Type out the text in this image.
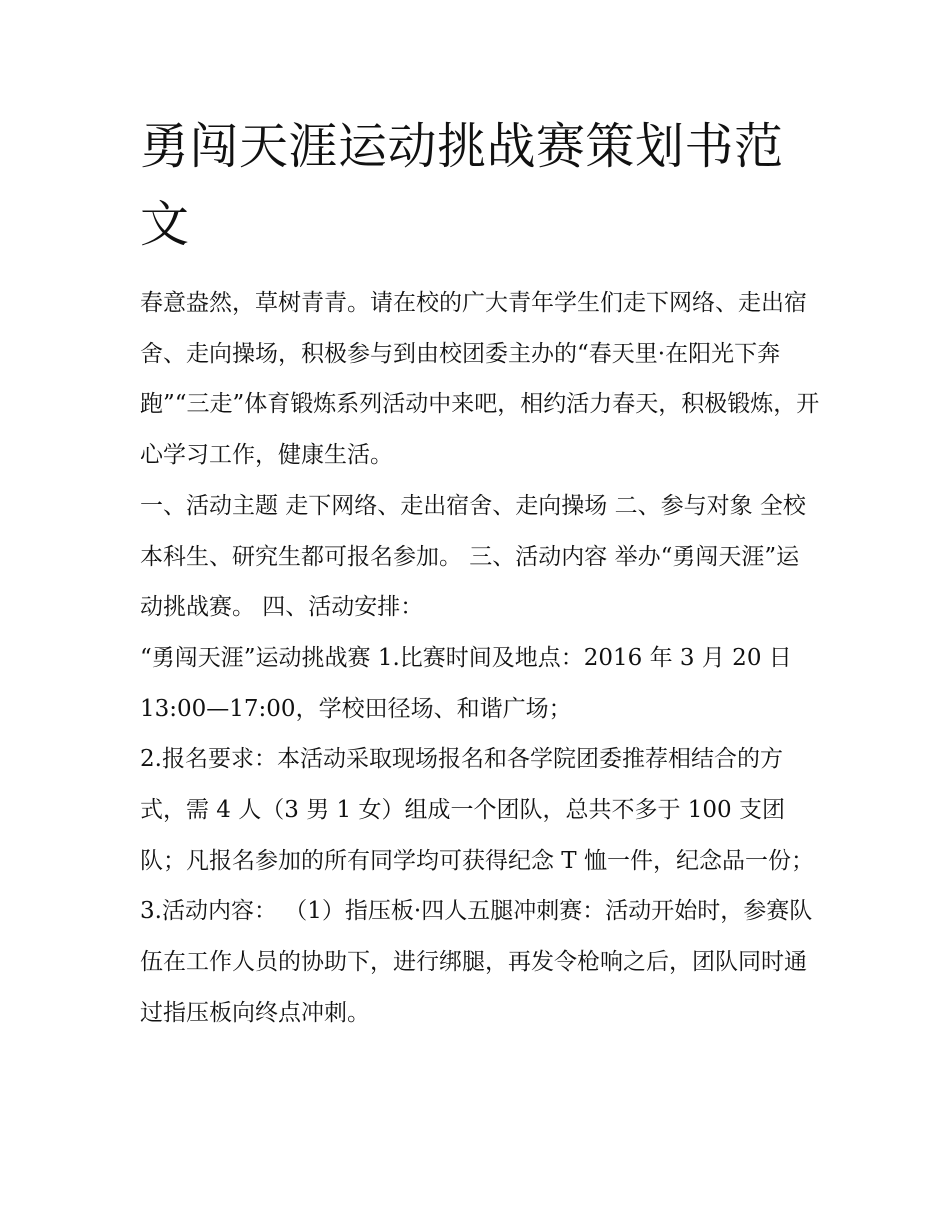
勇闯天涯运动挑战赛策划书范文

春意盎然，草树青青。请在校的广大青年学生们走下网络、走出宿舍、走向操场，积极参与到由校团委主办的“春天里·在阳光下奔跑”“三走”体育锻炼系列活动中来吧，相约活力春天，积极锻炼，开心学习工作，健康生活。

一、活动主题 走下网络、走出宿舍、走向操场 二、参与对象 全校本科生、研究生都可报名参加。 三、活动内容 举办“勇闯天涯”运动挑战赛。 四、活动安排：

“勇闯天涯”运动挑战赛 1.比赛时间及地点：2016 年 3 月 20 日 13:00—17:00，学校田径场、和谐广场；

2.报名要求：本活动采取现场报名和各学院团委推荐相结合的方式，需 4 人（3 男 1 女）组成一个团队，总共不多于 100 支团队；凡报名参加的所有同学均可获得纪念 T 恤一件，纪念品一份；

3.活动内容： （1）指压板·四人五腿冲刺赛：活动开始时，参赛队伍在工作人员的协助下，进行绑腿，再发令枪响之后，团队同时通过指压板向终点冲刺。
